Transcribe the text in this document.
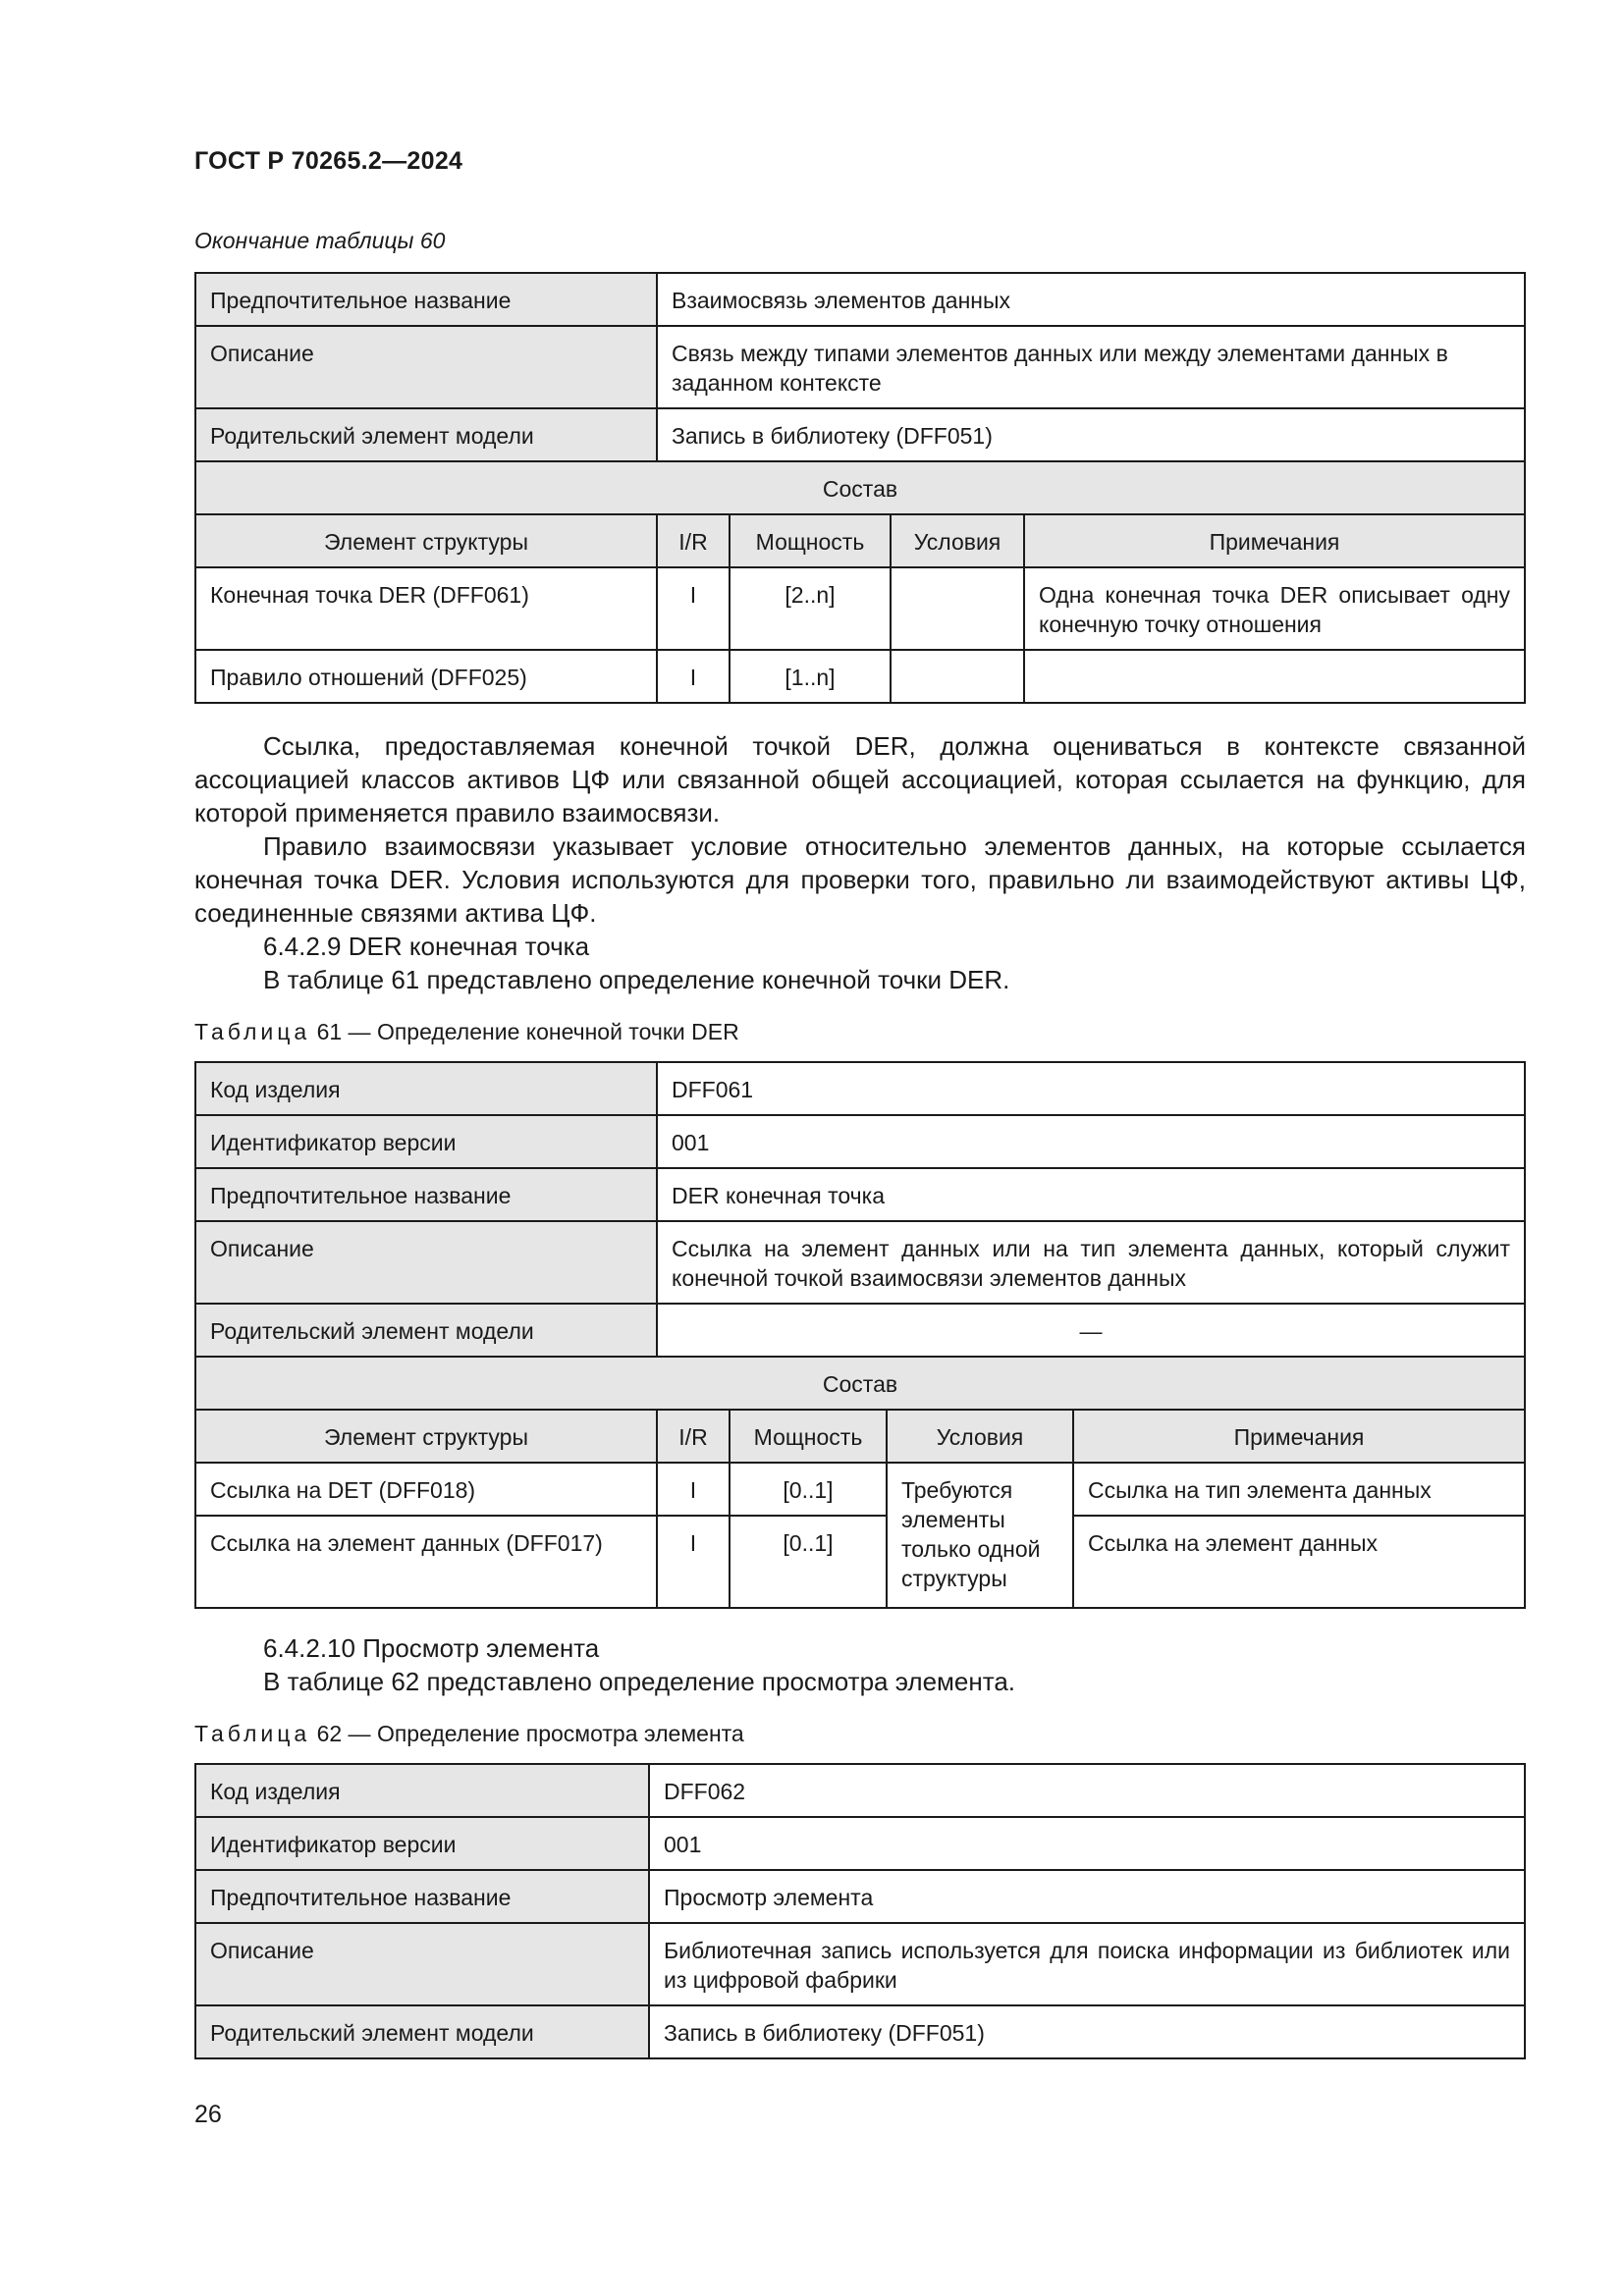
ГОСТ Р 70265.2—2024
Окончание таблицы 60
Предпочтительное название	Взаимосвязь элементов данных			
Описание	Связь между типами элементов данных или между элементами данных в заданном контексте			
Родительский элемент модели	Запись в библиотеку (DFF051)			
Состав				
Элемент структуры	I/R	Мощность	Условия	Примечания
Конечная точка DER (DFF061)	I	[2..n]		Одна конечная точка DER описывает одну конечную точку отношения
Правило отношений (DFF025)	I	[1..n]		

Ссылка, предоставляемая конечной точкой DER, должна оцениваться в контексте связанной ассоциацией классов активов ЦФ или связанной общей ассоциацией, которая ссылается на функцию, для которой применяется правило взаимосвязи.

Правило взаимосвязи указывает условие относительно элементов данных, на которые ссылается конечная точка DER. Условия используются для проверки того, правильно ли взаимодействуют активы ЦФ, соединенные связями актива ЦФ.

6.4.2.9 DER конечная точка

В таблице 61 представлено определение конечной точки DER.

Таблица 61 — Определение конечной точки DER
Код изделия	DFF061			
Идентификатор версии	001			
Предпочтительное название	DER конечная точка			
Описание	Ссылка на элемент данных или на тип элемента данных, который служит конечной точкой взаимосвязи элементов данных			
Родительский элемент модели	—			
Состав				
Элемент структуры	I/R	Мощность	Условия	Примечания
Ссылка на DET (DFF018)	I	[0..1]	Требуются элементы только одной структуры	Ссылка на тип элемента данных
Ссылка на элемент данных (DFF017)	I	[0..1]		Ссылка на элемент данных

6.4.2.10 Просмотр элемента

В таблице 62 представлено определение просмотра элемента.

Таблица 62 — Определение просмотра элемента
Код изделия	DFF062
Идентификатор версии	001
Предпочтительное название	Просмотр элемента
Описание	Библиотечная запись используется для поиска информации из библиотек или из цифровой фабрики
Родительский элемент модели	Запись в библиотеку (DFF051)
26
